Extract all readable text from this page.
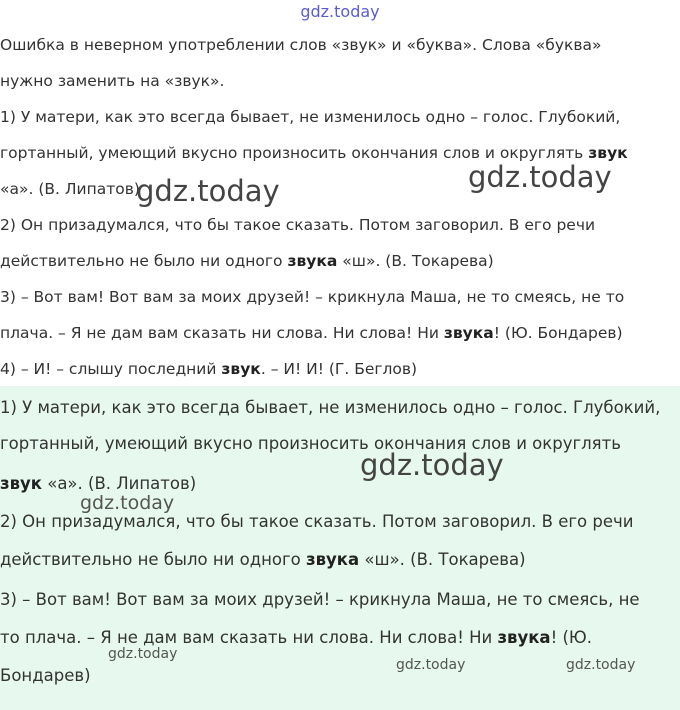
gdz.today
Ошибка в неверном употреблении слов «звук» и «буква». Слова «буква»
нужно заменить на «звук».
1) У матери, как это всегда бывает, не изменилось одно – голос. Глубокий,
гортанный, умеющий вкусно произносить окончания слов и округлять звук
«а». (В. Липатов)
2) Он призадумался, что бы такое сказать. Потом заговорил. В его речи
действительно не было ни одного звука «ш». (В. Токарева)
3) – Вот вам! Вот вам за моих друзей! – крикнула Маша, не то смеясь, не то
плача. – Я не дам вам сказать ни слова. Ни слова! Ни звука! (Ю. Бондарев)
4) – И! – слышу последний звук. – И! И! (Г. Беглов)
1) У матери, как это всегда бывает, не изменилось одно – голос. Глубокий,
гортанный, умеющий вкусно произносить окончания слов и округлять
звук «а». (В. Липатов)
2) Он призадумался, что бы такое сказать. Потом заговорил. В его речи
действительно не было ни одного звука «ш». (В. Токарева)
3) – Вот вам! Вот вам за моих друзей! – крикнула Маша, не то смеясь, не
то плача. – Я не дам вам сказать ни слова. Ни слова! Ни звука! (Ю.
Бондарев)
gdz.today	gdz.today
gdz.today
gdz.today
gdz.today
gdz.today	gdz.today
